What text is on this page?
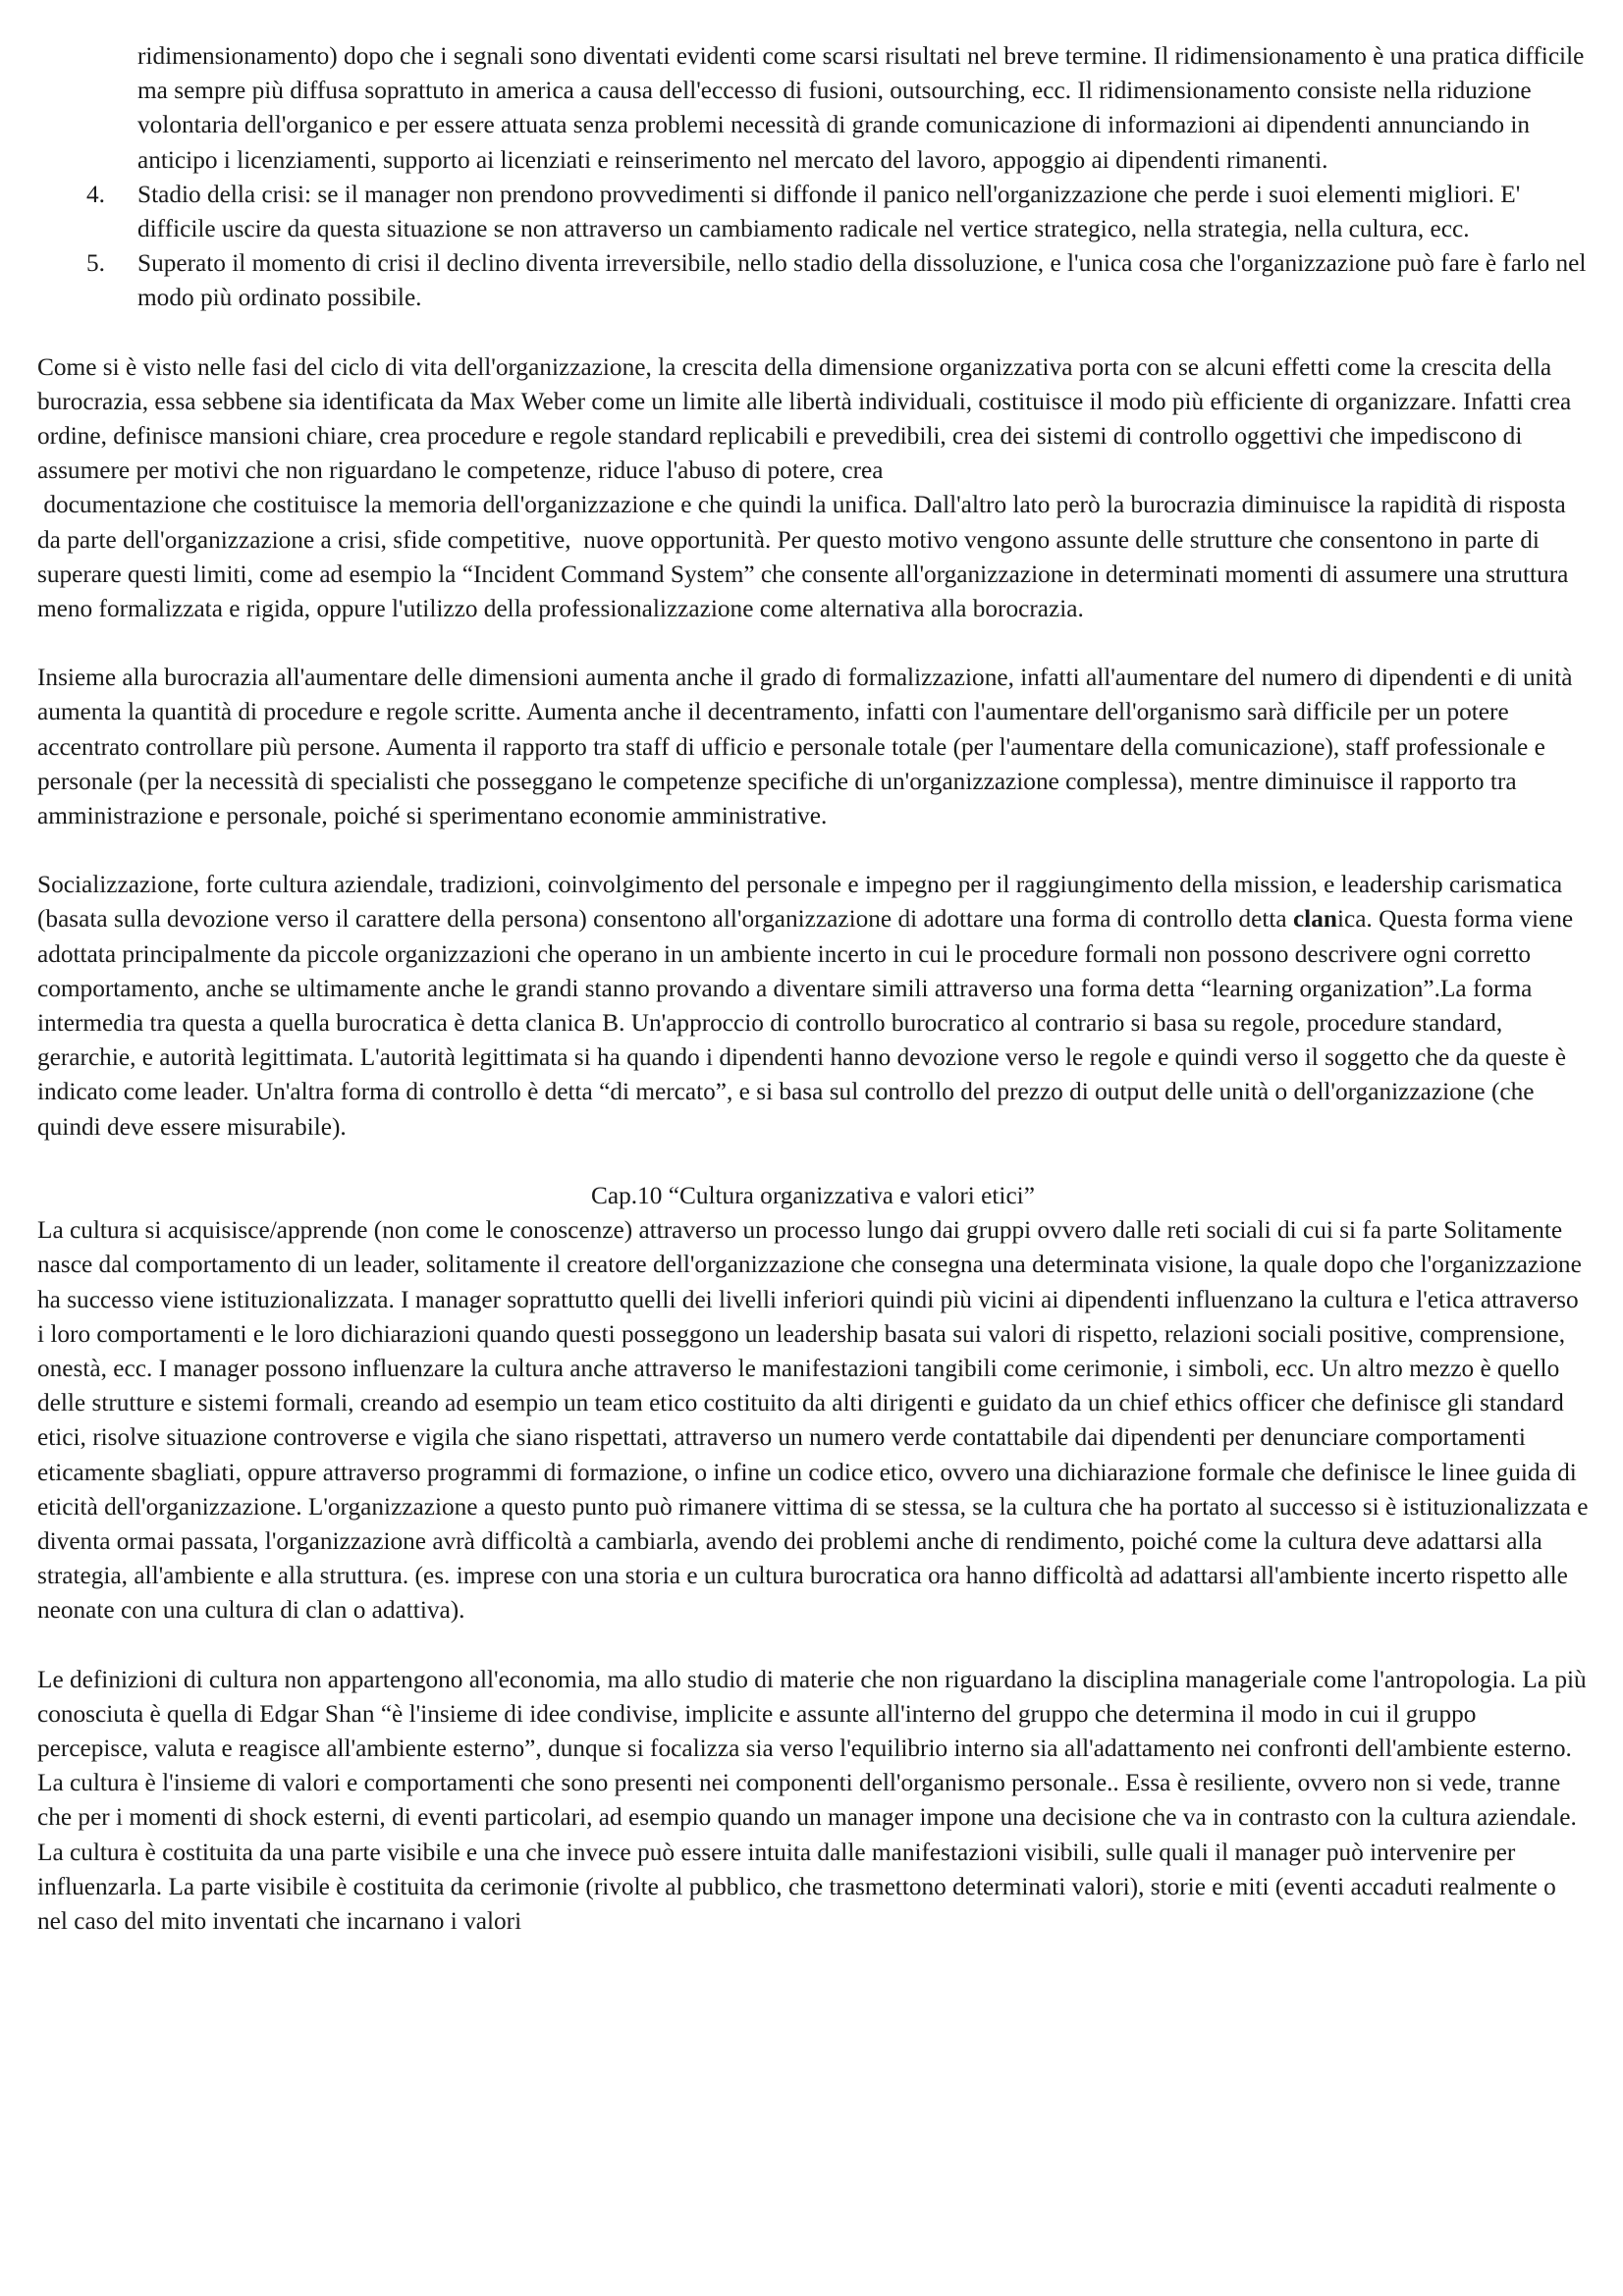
ridimensionamento) dopo che i segnali sono diventati evidenti come scarsi risultati nel breve termine. Il ridimensionamento è una pratica difficile ma sempre più diffusa soprattuto in america a causa dell'eccesso di fusioni, outsourching, ecc. Il ridimensionamento consiste nella riduzione volontaria dell'organico e per essere attuata senza problemi necessità di grande comunicazione di informazioni ai dipendenti annunciando in anticipo i licenziamenti, supporto ai licenziati e reinserimento nel mercato del lavoro, appoggio ai dipendenti rimanenti.

4. Stadio della crisi: se il manager non prendono provvedimenti si diffonde il panico nell'organizzazione che perde i suoi elementi migliori. E' difficile uscire da questa situazione se non attraverso un cambiamento radicale nel vertice strategico, nella strategia, nella cultura, ecc.
5. Superato il momento di crisi il declino diventa irreversibile, nello stadio della dissoluzione, e l'unica cosa che l'organizzazione può fare è farlo nel modo più ordinato possibile.

Come si è visto nelle fasi del ciclo di vita dell'organizzazione, la crescita della dimensione organizzativa porta con se alcuni effetti come la crescita della burocrazia, essa sebbene sia identificata da Max Weber come un limite alle libertà individuali, costituisce il modo più efficiente di organizzare. Infatti crea ordine, definisce mansioni chiare, crea procedure e regole standard replicabili e prevedibili, crea dei sistemi di controllo oggettivi che impediscono di assumere per motivi che non riguardano le competenze, riduce l'abuso di potere, crea

documentazione che costituisce la memoria dell'organizzazione e che quindi la unifica. Dall'altro lato però la burocrazia diminuisce la rapidità di risposta da parte dell'organizzazione a crisi, sfide competitive,  nuove opportunità. Per questo motivo vengono assunte delle strutture che consentono in parte di superare questi limiti, come ad esempio la “Incident Command System” che consente all'organizzazione in determinati momenti di assumere una struttura meno formalizzata e rigida, oppure l'utilizzo della professionalizzazione come alternativa alla borocrazia.

Insieme alla burocrazia all'aumentare delle dimensioni aumenta anche il grado di formalizzazione, infatti all'aumentare del numero di dipendenti e di unità aumenta la quantità di procedure e regole scritte. Aumenta anche il decentramento, infatti con l'aumentare dell'organismo sarà difficile per un potere accentrato controllare più persone. Aumenta il rapporto tra staff di ufficio e personale totale (per l'aumentare della comunicazione), staff professionale e personale (per la necessità di specialisti che posseggano le competenze specifiche di un'organizzazione complessa), mentre diminuisce il rapporto tra amministrazione e personale, poiché si sperimentano economie amministrative.

Socializzazione, forte cultura aziendale, tradizioni, coinvolgimento del personale e impegno per il raggiungimento della mission, e leadership carismatica (basata sulla devozione verso il carattere della persona) consentono all'organizzazione di adottare una forma di controllo detta clanica. Questa forma viene adottata principalmente da piccole organizzazioni che operano in un ambiente incerto in cui le procedure formali non possono descrivere ogni corretto comportamento, anche se ultimamente anche le grandi stanno provando a diventare simili attraverso una forma detta “learning organization”.La forma intermedia tra questa a quella burocratica è detta clanica B. Un'approccio di controllo burocratico al contrario si basa su regole, procedure standard, gerarchie, e autorità legittimata. L'autorità legittimata si ha quando i dipendenti hanno devozione verso le regole e quindi verso il soggetto che da queste è indicato come leader. Un'altra forma di controllo è detta “di mercato”, e si basa sul controllo del prezzo di output delle unità o dell'organizzazione (che quindi deve essere misurabile).

Cap.10 “Cultura organizzativa e valori etici”

La cultura si acquisisce/apprende (non come le conoscenze) attraverso un processo lungo dai gruppi ovvero dalle reti sociali di cui si fa parte Solitamente nasce dal comportamento di un leader, solitamente il creatore dell'organizzazione che consegna una determinata visione, la quale dopo che l'organizzazione ha successo viene istituzionalizzata. I manager soprattutto quelli dei livelli inferiori quindi più vicini ai dipendenti influenzano la cultura e l'etica attraverso i loro comportamenti e le loro dichiarazioni quando questi posseggono un leadership basata sui valori di rispetto, relazioni sociali positive, comprensione, onestà, ecc. I manager possono influenzare la cultura anche attraverso le manifestazioni tangibili come cerimonie, i simboli, ecc. Un altro mezzo è quello delle strutture e sistemi formali, creando ad esempio un team etico costituito da alti dirigenti e guidato da un chief ethics officer che definisce gli standard etici, risolve situazione controverse e vigila che siano rispettati, attraverso un numero verde contattabile dai dipendenti per denunciare comportamenti eticamente sbagliati, oppure attraverso programmi di formazione, o infine un codice etico, ovvero una dichiarazione formale che definisce le linee guida di eticità dell'organizzazione. L'organizzazione a questo punto può rimanere vittima di se stessa, se la cultura che ha portato al successo si è istituzionalizzata e diventa ormai passata, l'organizzazione avrà difficoltà a cambiarla, avendo dei problemi anche di rendimento, poiché come la cultura deve adattarsi alla strategia, all'ambiente e alla struttura. (es. imprese con una storia e un cultura burocratica ora hanno difficoltà ad adattarsi all'ambiente incerto rispetto alle neonate con una cultura di clan o adattiva).

Le definizioni di cultura non appartengono all'economia, ma allo studio di materie che non riguardano la disciplina manageriale come l'antropologia. La più conosciuta è quella di Edgar Shan “è l'insieme di idee condivise, implicite e assunte all'interno del gruppo che determina il modo in cui il gruppo percepisce, valuta e reagisce all'ambiente esterno”, dunque si focalizza sia verso l'equilibrio interno sia all'adattamento nei confronti dell'ambiente esterno. La cultura è l'insieme di valori e comportamenti che sono presenti nei componenti dell'organismo personale.. Essa è resiliente, ovvero non si vede, tranne che per i momenti di shock esterni, di eventi particolari, ad esempio quando un manager impone una decisione che va in contrasto con la cultura aziendale. La cultura è costituita da una parte visibile e una che invece può essere intuita dalle manifestazioni visibili, sulle quali il manager può intervenire per influenzarla. La parte visibile è costituita da cerimonie (rivolte al pubblico, che trasmettono determinati valori), storie e miti (eventi accaduti realmente o nel caso del mito inventati che incarnano i valori
